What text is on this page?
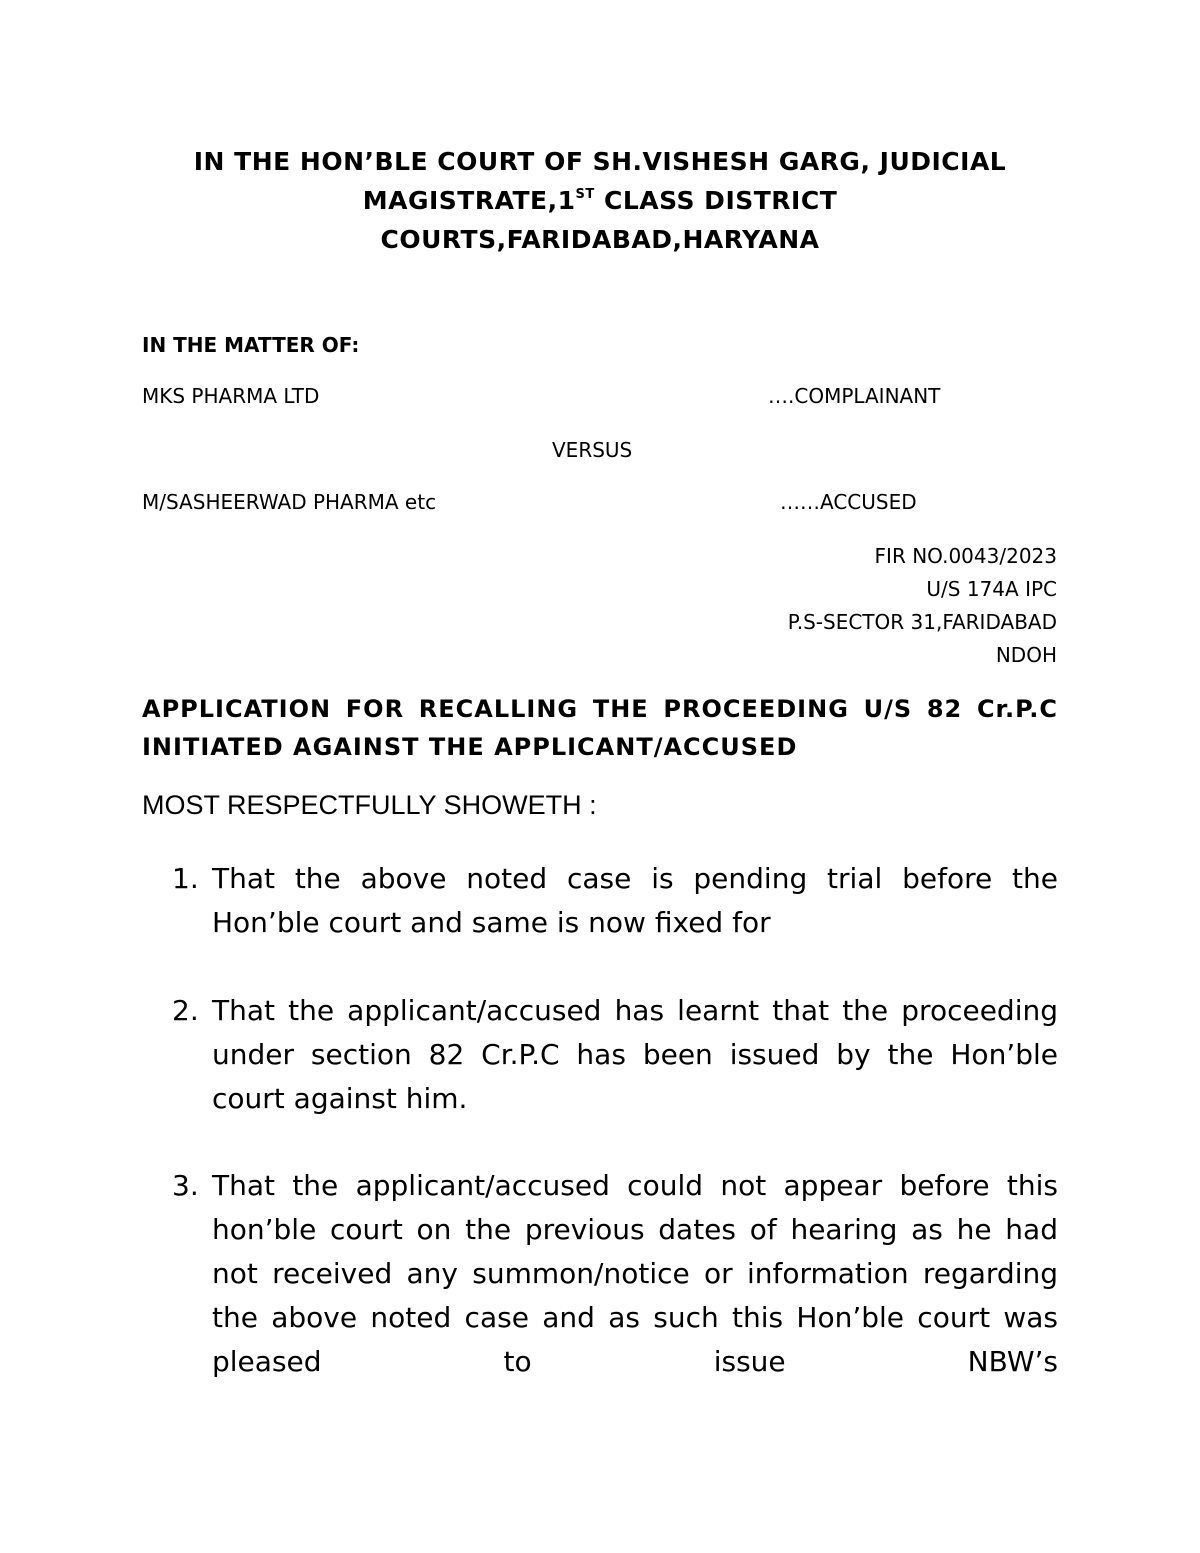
IN THE HON’BLE COURT OF SH.VISHESH GARG, JUDICIAL
MAGISTRATE,1ST CLASS DISTRICT
COURTS,FARIDABAD,HARYANA
IN THE MATTER OF:
MKS PHARMA LTD	….COMPLAINANT
VERSUS
M/SASHEERWAD PHARMA etc	……ACCUSED
FIR NO.0043/2023
U/S 174A IPC
P.S-SECTOR 31,FARIDABAD
NDOH
APPLICATION FOR RECALLING THE PROCEEDING U/S 82 Cr.P.C INITIATED AGAINST THE APPLICANT/ACCUSED
MOST RESPECTFULLY SHOWETH :
1. That the above noted case is pending trial before the Hon’ble court and same is now fixed for
2. That the applicant/accused has learnt that the proceeding under section 82 Cr.P.C has been issued by the Hon’ble court against him.
3. That the applicant/accused could not appear before this hon’ble court on the previous dates of hearing as he had not received any summon/notice or information regarding the above noted case and as such this Hon’ble court was pleased to issue NBW’s
